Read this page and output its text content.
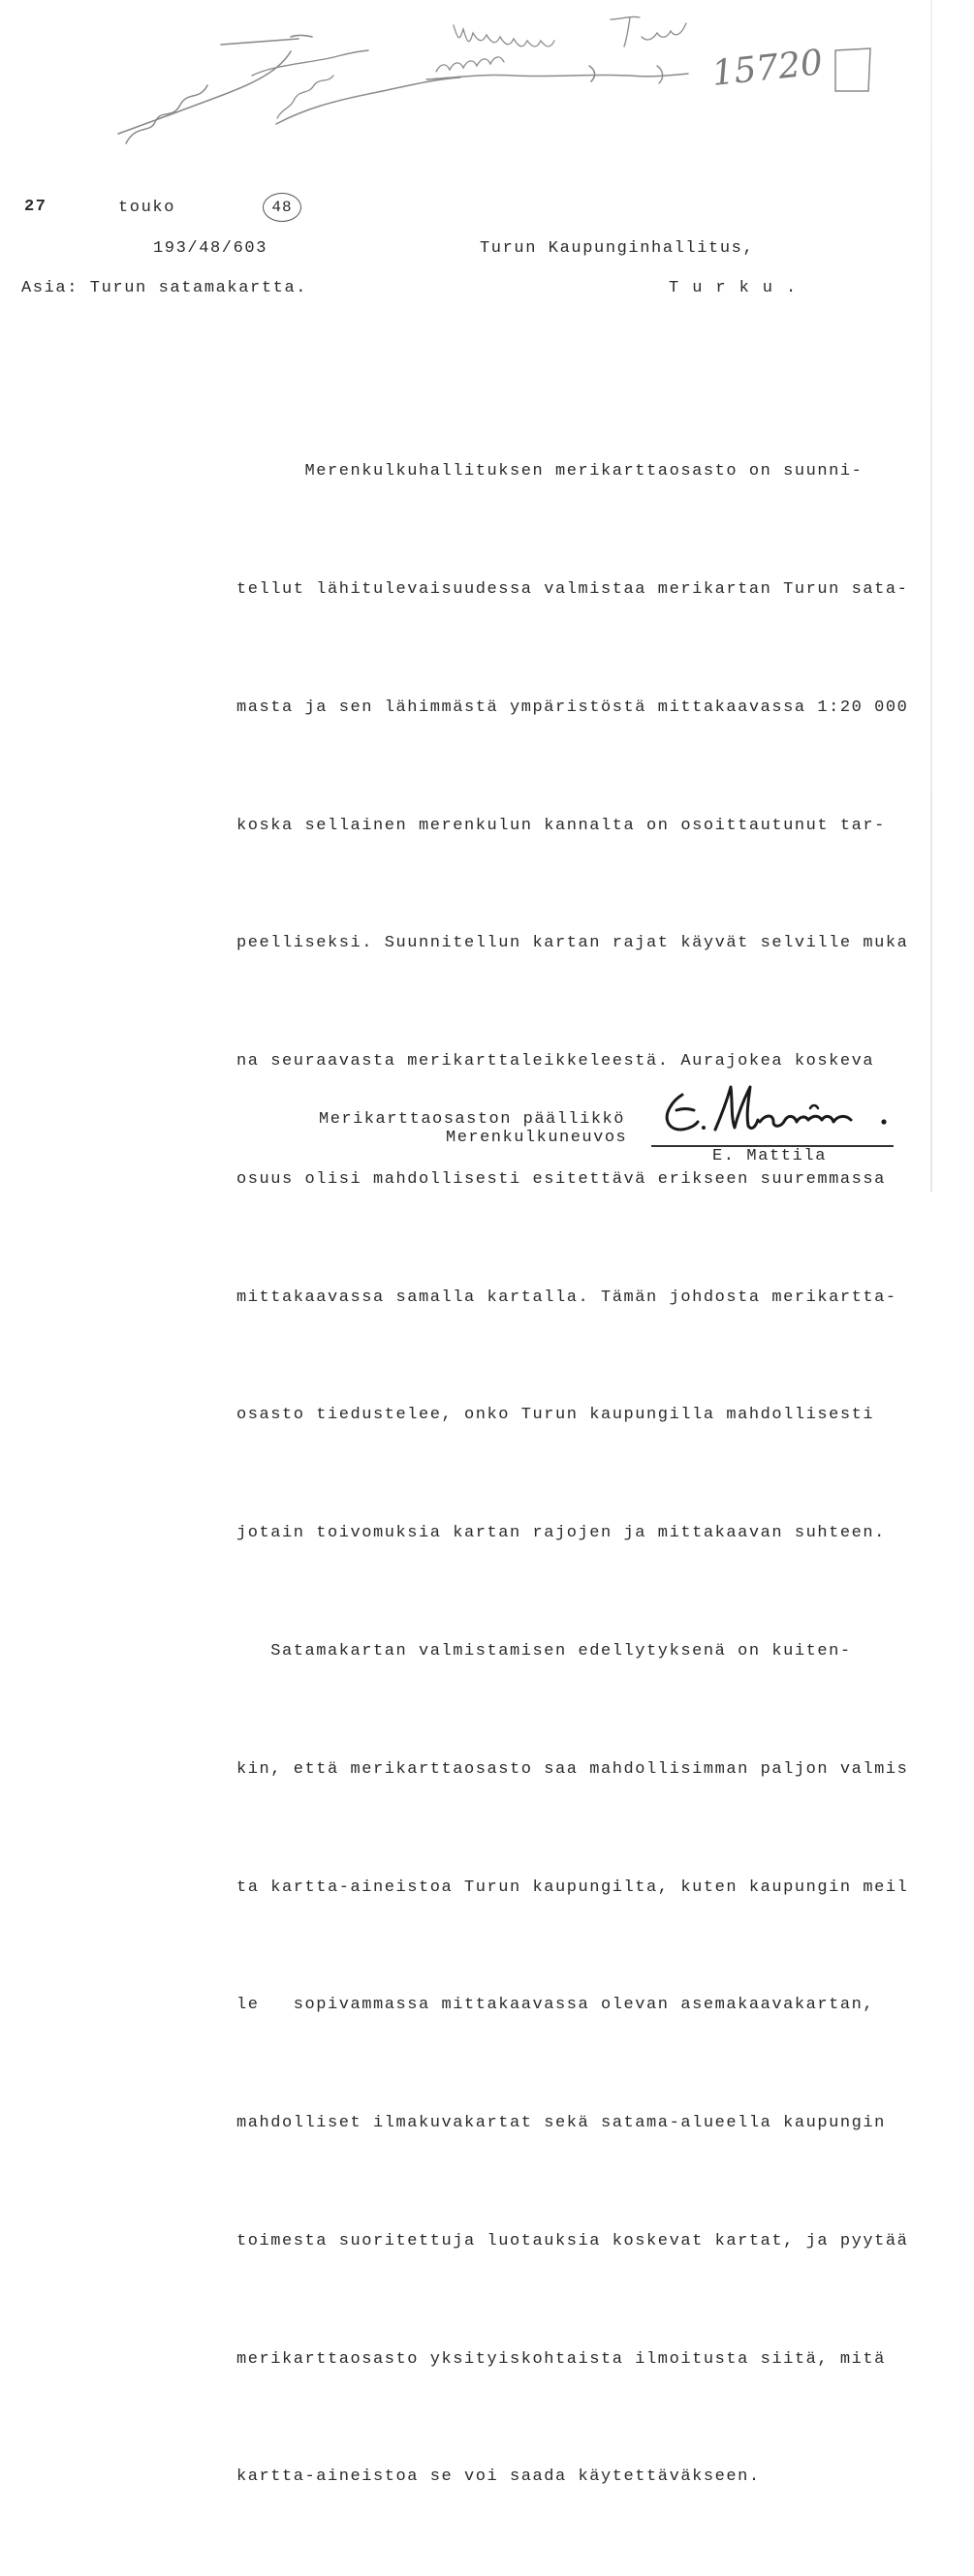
15720
27	touko	48
193/48/603	Turun Kaupunginhallitus,
Asia: Turun satamakartta.	Turku.

Merenkulkuhallituksen merikarttaosasto on suunni-

tellut lähitulevaisuudessa valmistaa merikartan Turun sata-

masta ja sen lähimmästä ympäristöstä mittakaavassa 1:20 000

koska sellainen merenkulun kannalta on osoittautunut tar-

peelliseksi. Suunnitellun kartan rajat käyvät selville muka

na seuraavasta merikarttaleikkeleestä. Aurajokea koskeva

osuus olisi mahdollisesti esitettävä erikseen suuremmassa

mittakaavassa samalla kartalla. Tämän johdosta merikartta-

osasto tiedustelee, onko Turun kaupungilla mahdollisesti

jotain toivomuksia kartan rajojen ja mittakaavan suhteen.

Satamakartan valmistamisen edellytyksenä on kuiten-

kin, että merikarttaosasto saa mahdollisimman paljon valmis

ta kartta-aineistoa Turun kaupungilta, kuten kaupungin meil

le   sopivammassa mittakaavassa olevan asemakaavakartan,

mahdolliset ilmakuvakartat sekä satama-alueella kaupungin

toimesta suoritettuja luotauksia koskevat kartat, ja pyytää

merikarttaosasto yksityiskohtaista ilmoitusta siitä, mitä

kartta-aineistoa se voi saada käytettäväkseen.

Merikarttaosaston päällikkö
Merenkulkuneuvos
E. Mattila
